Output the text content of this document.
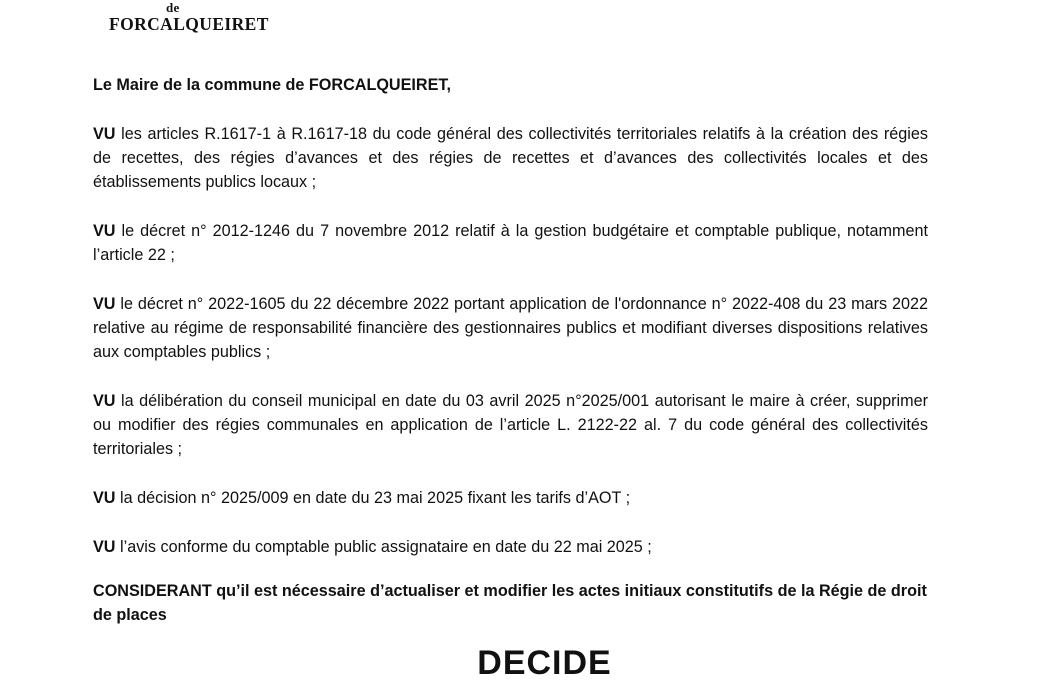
de
FORCALQUEIRET

Le Maire de la commune de FORCALQUEIRET,

VU les articles R.1617-1 à R.1617-18 du code général des collectivités territoriales relatifs à la création des régies de recettes, des régies d’avances et des régies de recettes et d’avances des collectivités locales et des établissements publics locaux ;

VU le décret n° 2012-1246 du 7 novembre 2012 relatif à la gestion budgétaire et comptable publique, notamment l’article 22 ;

VU le décret n° 2022-1605 du 22 décembre 2022 portant application de l'ordonnance n° 2022-408 du 23 mars 2022 relative au régime de responsabilité financière des gestionnaires publics et modifiant diverses dispositions relatives aux comptables publics ;

VU la délibération du conseil municipal en date du 03 avril 2025 n°2025/001 autorisant le maire à créer, supprimer ou modifier des régies communales en application de l’article L. 2122-22 al. 7 du code général des collectivités territoriales ;

VU la décision n° 2025/009 en date du 23 mai 2025 fixant les tarifs d’AOT ;

VU l’avis conforme du comptable public assignataire en date du 22 mai 2025 ;

CONSIDERANT qu’il est nécessaire d’actualiser et modifier les actes initiaux constitutifs de la Régie de droit de places

DECIDE
